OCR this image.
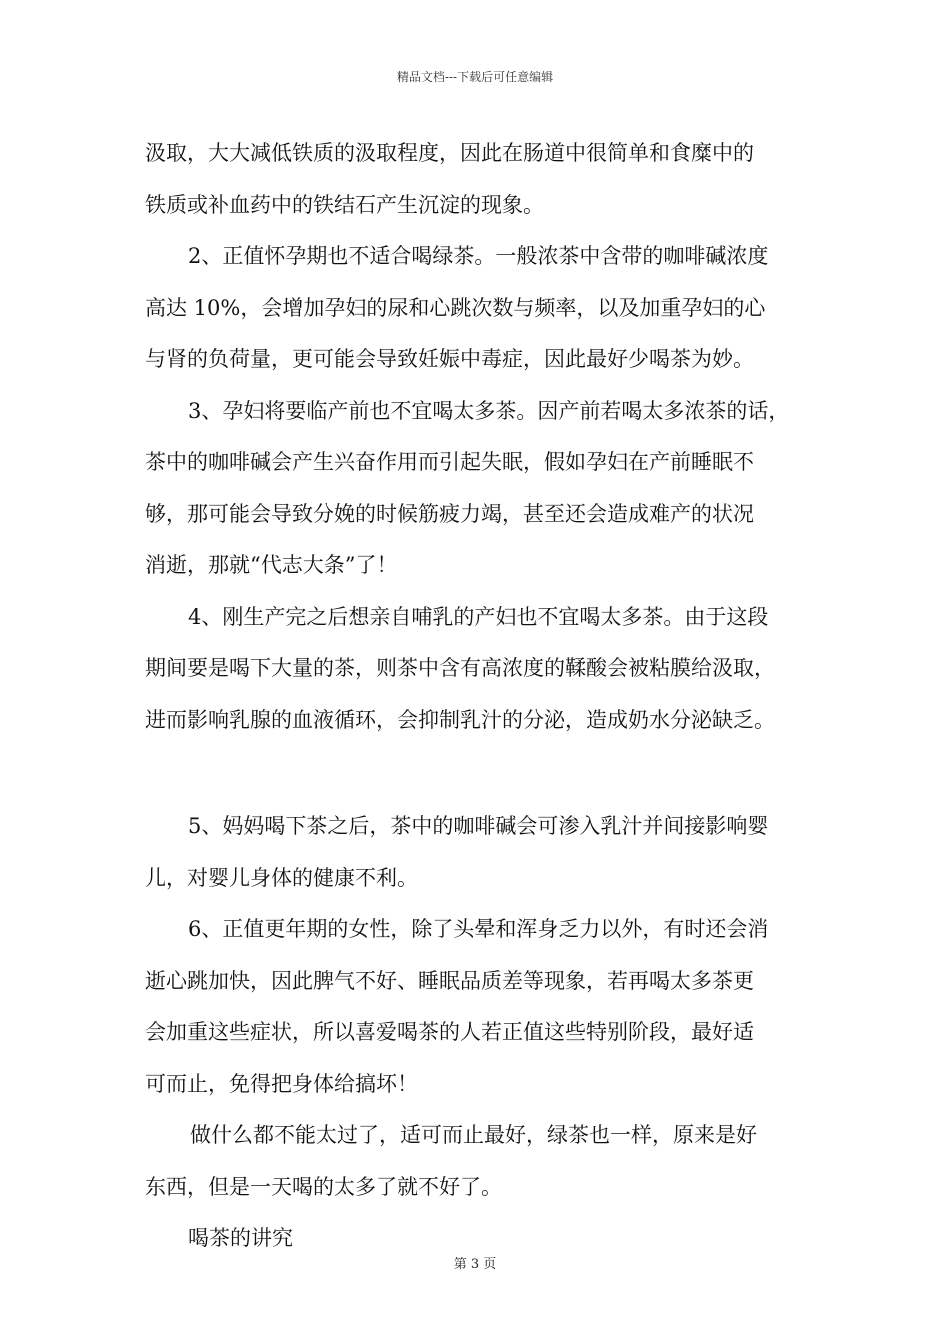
精品文档---下载后可任意编辑
汲取，大大减低铁质的汲取程度，因此在肠道中很简单和食糜中的
铁质或补血药中的铁结石产生沉淀的现象。
2、正值怀孕期也不适合喝绿茶。一般浓茶中含带的咖啡碱浓度
高达 10%，会增加孕妇的尿和心跳次数与频率，以及加重孕妇的心
与肾的负荷量，更可能会导致妊娠中毒症，因此最好少喝茶为妙。
3、孕妇将要临产前也不宜喝太多茶。因产前若喝太多浓茶的话，
茶中的咖啡碱会产生兴奋作用而引起失眠，假如孕妇在产前睡眠不
够，那可能会导致分娩的时候筋疲力竭，甚至还会造成难产的状况
消逝，那就“代志大条”了！
4、刚生产完之后想亲自哺乳的产妇也不宜喝太多茶。由于这段
期间要是喝下大量的茶，则茶中含有高浓度的鞣酸会被粘膜给汲取，
进而影响乳腺的血液循环，会抑制乳汁的分泌，造成奶水分泌缺乏。
5、妈妈喝下茶之后，茶中的咖啡碱会可渗入乳汁并间接影响婴
儿，对婴儿身体的健康不利。
6、正值更年期的女性，除了头晕和浑身乏力以外，有时还会消
逝心跳加快，因此脾气不好、睡眠品质差等现象，若再喝太多茶更
会加重这些症状，所以喜爱喝茶的人若正值这些特别阶段，最好适
可而止，免得把身体给搞坏！
做什么都不能太过了，适可而止最好，绿茶也一样，原来是好
东西，但是一天喝的太多了就不好了。
喝茶的讲究
第 3 页
